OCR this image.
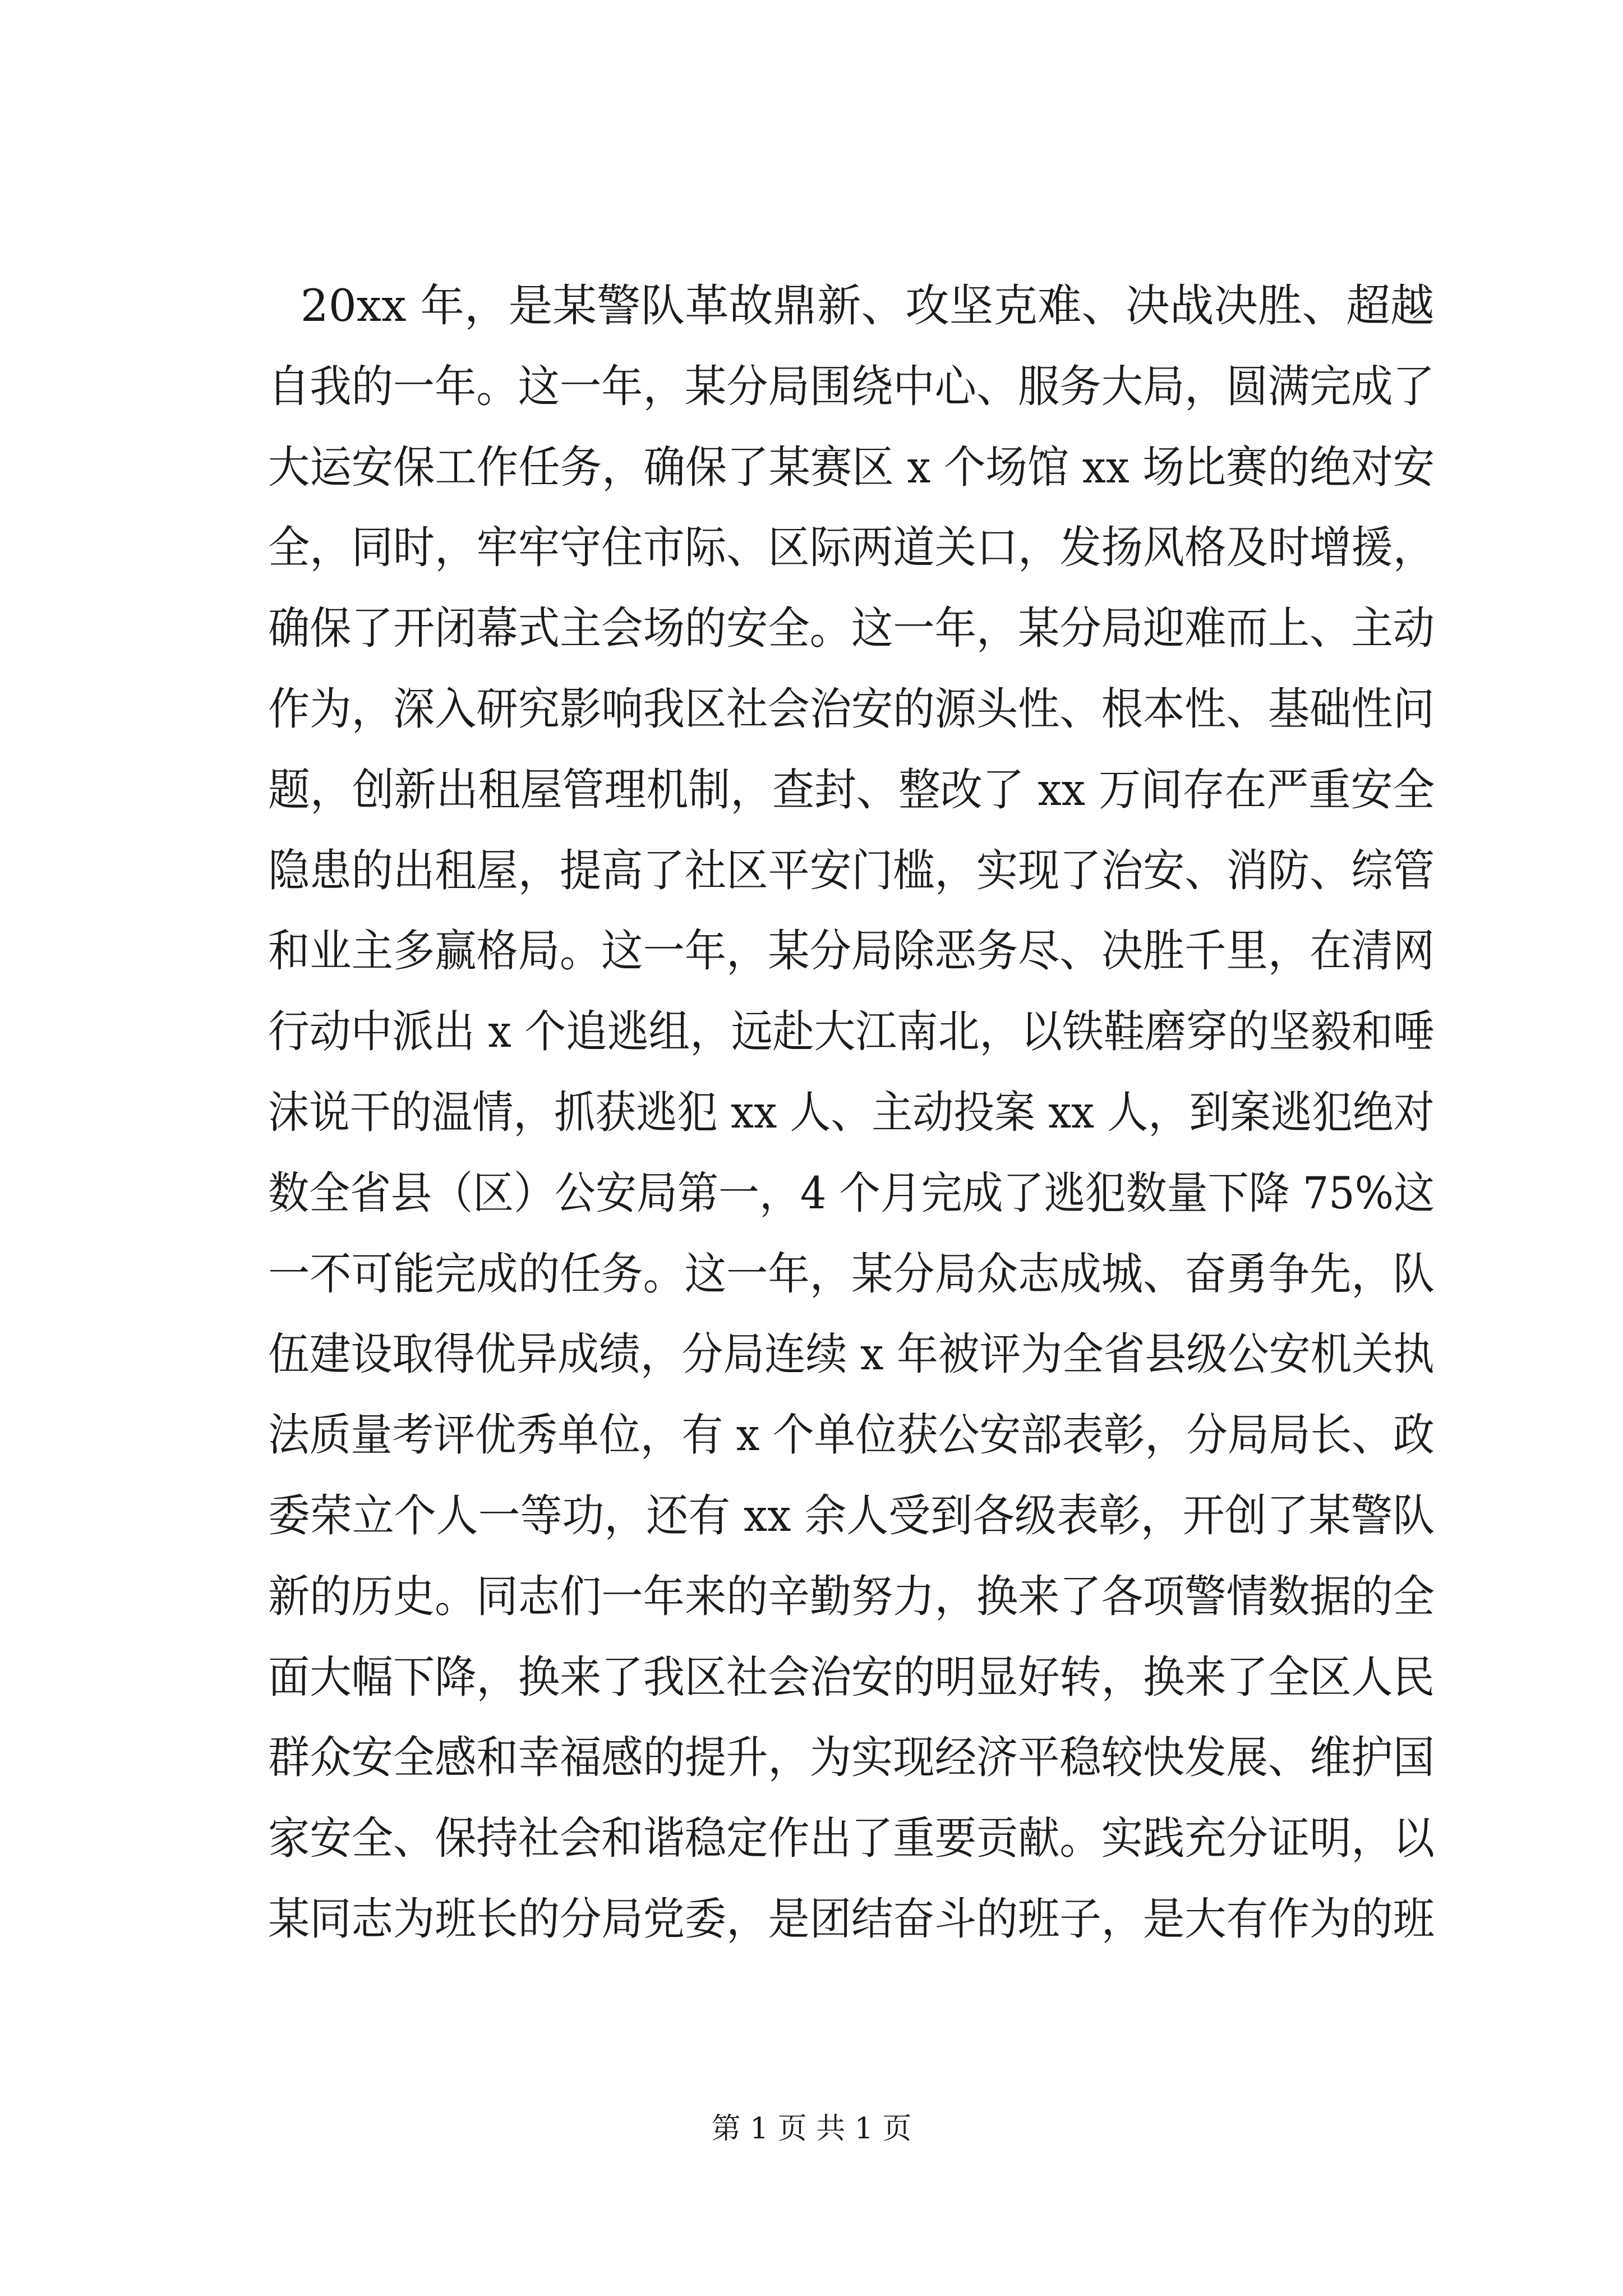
20xx 年，是某警队革故鼎新、攻坚克难、决战决胜、超越
自我的一年。这一年，某分局围绕中心、服务大局，圆满完成了
大运安保工作任务，确保了某赛区 x 个场馆 xx 场比赛的绝对安
全，同时，牢牢守住市际、区际两道关口，发扬风格及时增援，
确保了开闭幕式主会场的安全。这一年，某分局迎难而上、主动
作为，深入研究影响我区社会治安的源头性、根本性、基础性问
题，创新出租屋管理机制，查封、整改了 xx 万间存在严重安全
隐患的出租屋，提高了社区平安门槛，实现了治安、消防、综管
和业主多赢格局。这一年，某分局除恶务尽、决胜千里，在清网
行动中派出 x 个追逃组，远赴大江南北，以铁鞋磨穿的坚毅和唾
沫说干的温情，抓获逃犯 xx 人、主动投案 xx 人，到案逃犯绝对
数全省县（区）公安局第一，4 个月完成了逃犯数量下降 75%这
一不可能完成的任务。这一年，某分局众志成城、奋勇争先，队
伍建设取得优异成绩，分局连续 x 年被评为全省县级公安机关执
法质量考评优秀单位，有 x 个单位获公安部表彰，分局局长、政
委荣立个人一等功，还有 xx 余人受到各级表彰，开创了某警队
新的历史。同志们一年来的辛勤努力，换来了各项警情数据的全
面大幅下降，换来了我区社会治安的明显好转，换来了全区人民
群众安全感和幸福感的提升，为实现经济平稳较快发展、维护国
家安全、保持社会和谐稳定作出了重要贡献。实践充分证明，以
某同志为班长的分局党委，是团结奋斗的班子，是大有作为的班
第 1 页 共 1 页
